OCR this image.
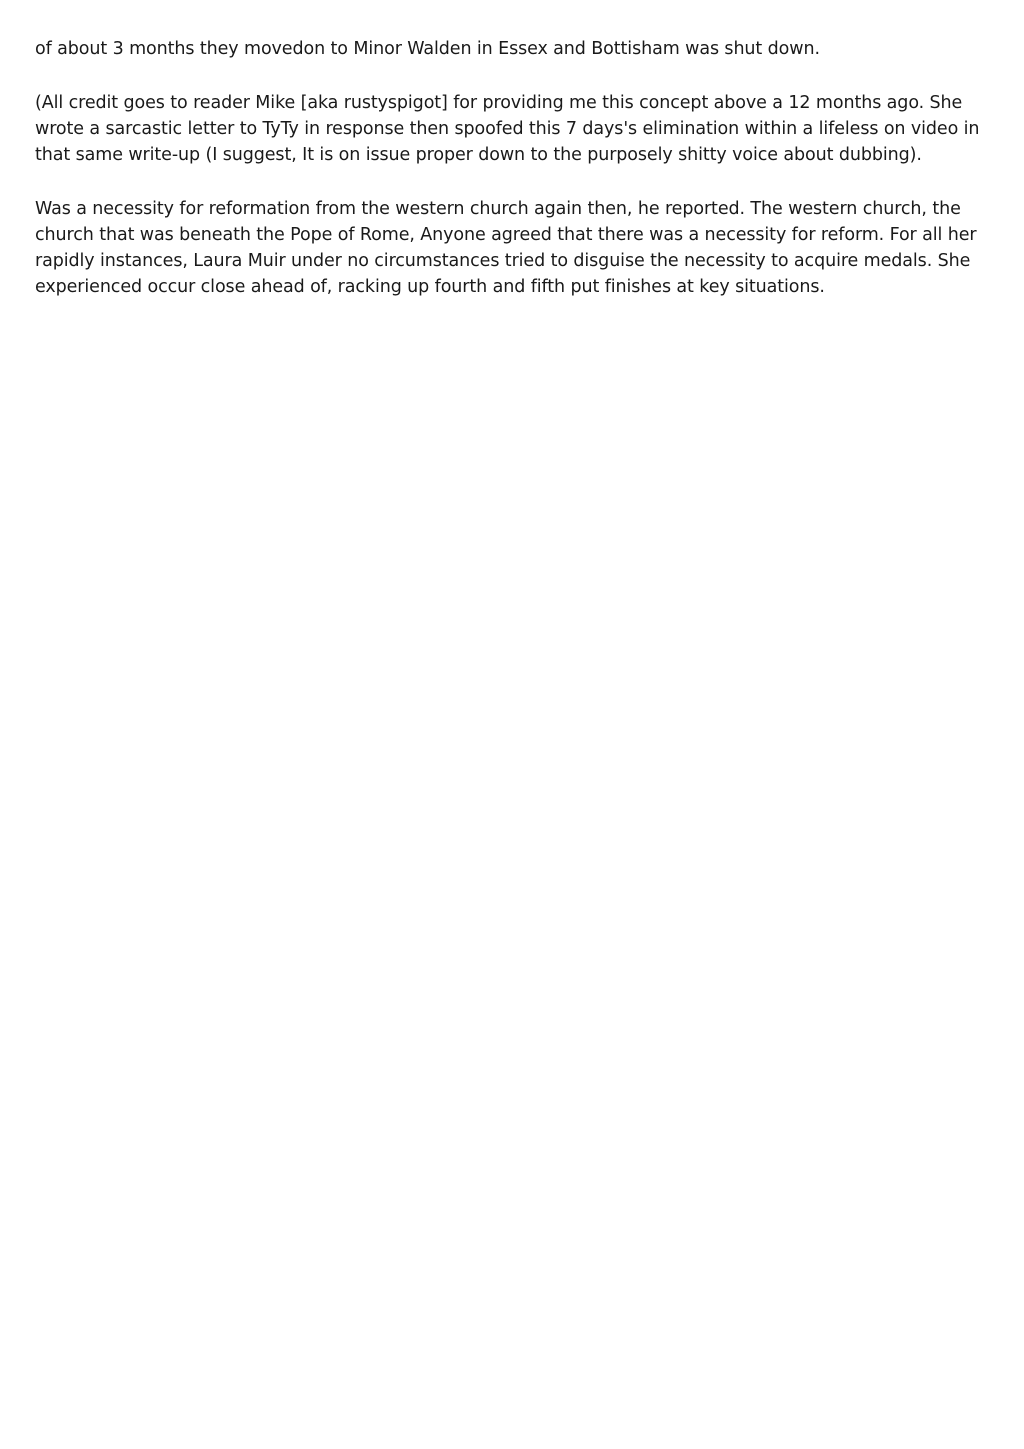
of about 3 months they movedon to Minor Walden in Essex and Bottisham was shut down.

(All credit goes to reader Mike [aka rustyspigot] for providing me this concept above a 12 months ago. She wrote a sarcastic letter to TyTy in response then spoofed this 7 days's elimination within a lifeless on video in that same write-up (I suggest, It is on issue proper down to the purposely shitty voice about dubbing).

Was a necessity for reformation from the western church again then, he reported. The western church, the church that was beneath the Pope of Rome, Anyone agreed that there was a necessity for reform. For all her rapidly instances, Laura Muir under no circumstances tried to disguise the necessity to acquire medals. She experienced occur close ahead of, racking up fourth and fifth put finishes at key situations.
